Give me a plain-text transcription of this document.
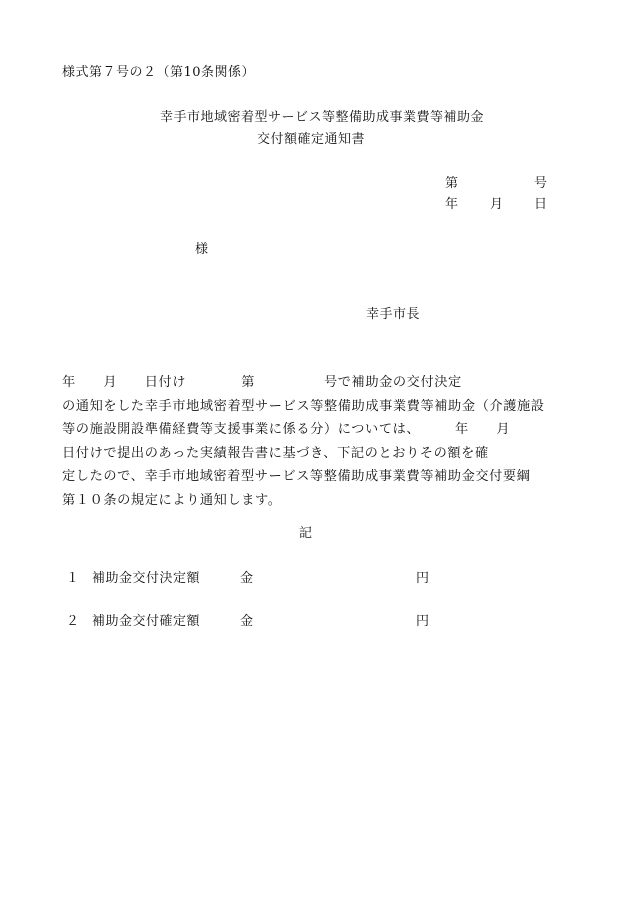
様式第７号の２（第10条関係）
幸手市地域密着型サービス等整備助成事業費等補助金
交付額確定通知書
第	号
年 月 日
様
幸手市長
年　　月　　日付け　　　　第　　　　　号で補助金の交付決定
の通知をした幸手市地域密着型サービス等整備助成事業費等補助金（介護施設
等の施設開設準備経費等支援事業に係る分）については、　　　年　　月
日付けで提出のあった実績報告書に基づき、下記のとおりその額を確
定したので、幸手市地域密着型サービス等整備助成事業費等補助金交付要綱
第１０条の規定により通知します。
記
１ 補助金交付決定額	金	円
２ 補助金交付確定額	金	円
